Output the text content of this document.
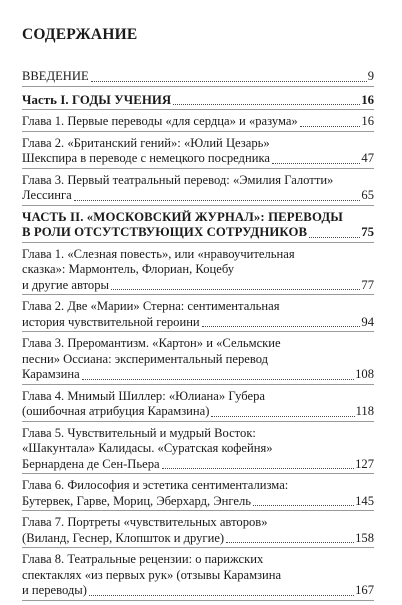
СОДЕРЖАНИЕ
ВВЕДЕНИЕ	9
Часть I. ГОДЫ УЧЕНИЯ	16
Глава 1. Первые переводы «для сердца» и «разума»	16
Глава 2. «Британский гений»: «Юлий Цезарь»
Шекспира в переводе с немецкого посредника	47
Глава 3. Первый театральный перевод: «Эмилия Галотти»
Лессинга	65
ЧАСТЬ II. «МОСКОВСКИЙ ЖУРНАЛ»: ПЕРЕВОДЫ
В РОЛИ ОТСУТСТВУЮЩИХ СОТРУДНИКОВ	75
Глава 1. «Слезная повесть», или «нравоучительная
сказка»: Мармонтель, Флориан, Коцебу
и другие авторы	77
Глава 2. Две «Марии» Стерна: сентиментальная
история чувствительной героини	94
Глава 3. Преромантизм. «Картон» и «Сельмские
песни» Оссиана: экспериментальный перевод
Карамзина	108
Глава 4. Мнимый Шиллер: «Юлиана» Губера
(ошибочная атрибуция Карамзина)	118
Глава 5. Чувствительный и мудрый Восток:
«Шакунтала» Калидасы. «Суратская кофейня»
Бернардена де Сен-Пьера	127
Глава 6. Философия и эстетика сентиментализма:
Бутервек, Гарве, Мориц, Эберхард, Энгель	145
Глава 7. Портреты «чувствительных авторов»
(Виланд, Геснер, Клопшток и другие)	158
Глава 8. Театральные рецензии: о парижских
спектаклях «из первых рук» (отзывы Карамзина
и переводы)	167
